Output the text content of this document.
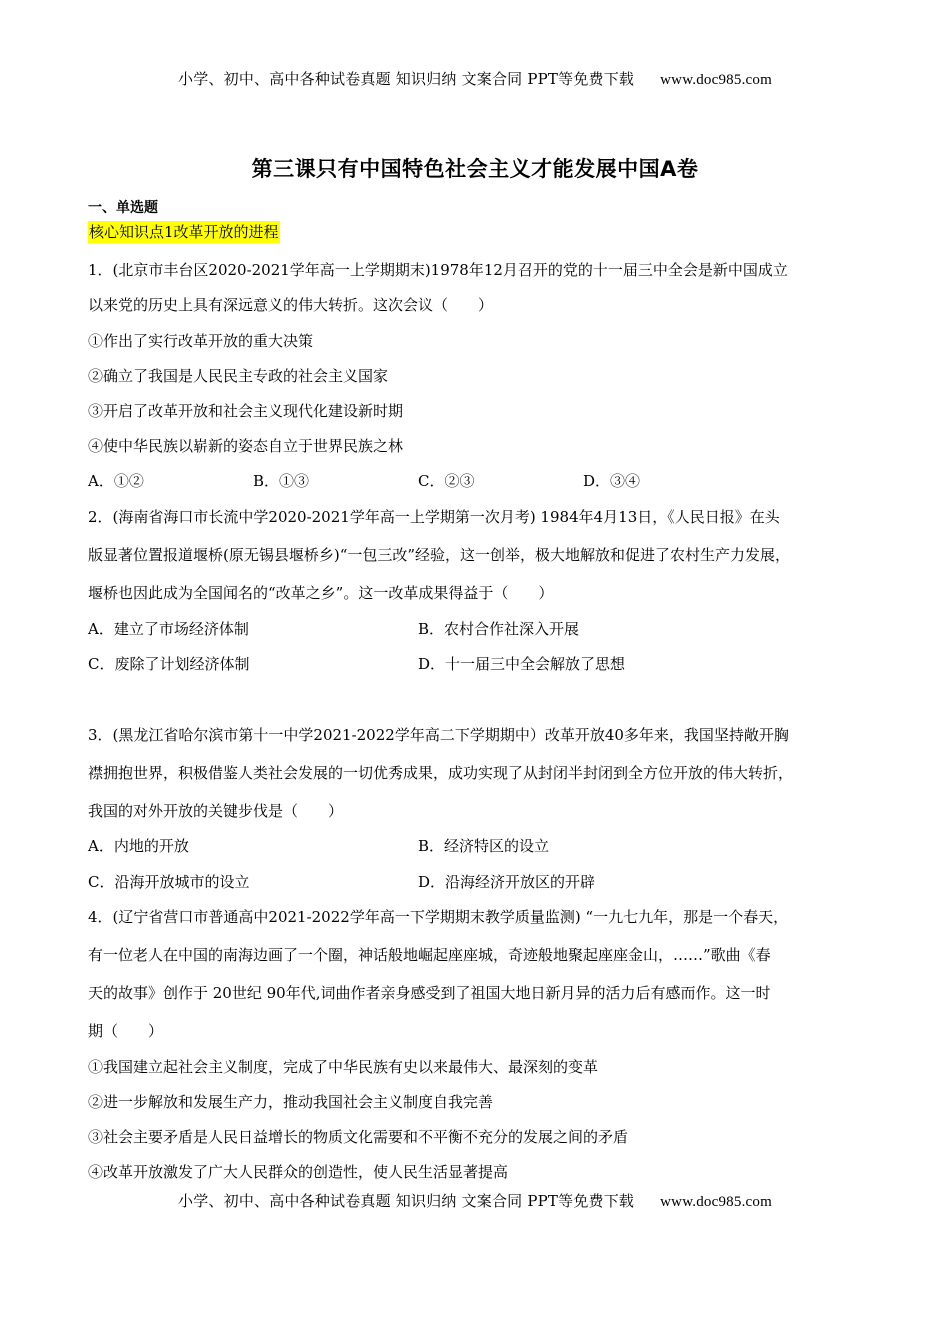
小学、初中、高中各种试卷真题 知识归纳 文案合同 PPT等免费下载 www.doc985.com
第三课只有中国特色社会主义才能发展中国A卷
一、单选题
核心知识点1改革开放的进程
1．(北京市丰台区2020-2021学年高一上学期期末)1978年12月召开的党的十一届三中全会是新中国成立
以来党的历史上具有深远意义的伟大转折。这次会议（　　）
①作出了实行改革开放的重大决策
②确立了我国是人民民主专政的社会主义国家
③开启了改革开放和社会主义现代化建设新时期
④使中华民族以崭新的姿态自立于世界民族之林
A．①②	B．①③	C．②③	D．③④
2．(海南省海口市长流中学2020-2021学年高一上学期第一次月考) 1984年4月13日，《人民日报》在头
版显著位置报道堰桥(原无锡县堰桥乡)“一包三改”经验，这一创举，极大地解放和促进了农村生产力发展，
堰桥也因此成为全国闻名的“改革之乡”。这一改革成果得益于（　　）
A．建立了市场经济体制	B．农村合作社深入开展
C．废除了计划经济体制	D．十一届三中全会解放了思想
3．(黑龙江省哈尔滨市第十一中学2021-2022学年高二下学期期中）改革开放40多年来，我国坚持敞开胸
襟拥抱世界，积极借鉴人类社会发展的一切优秀成果，成功实现了从封闭半封闭到全方位开放的伟大转折，
我国的对外开放的关键步伐是（　　）
A．内地的开放	B．经济特区的设立
C．沿海开放城市的设立	D．沿海经济开放区的开辟
4．(辽宁省营口市普通高中2021-2022学年高一下学期期末教学质量监测) “一九七九年，那是一个春天，
有一位老人在中国的南海边画了一个圈，神话般地崛起座座城，奇迹般地聚起座座金山，……”歌曲《春
天的故事》创作于 20世纪 90年代,词曲作者亲身感受到了祖国大地日新月异的活力后有感而作。这一时
期（　　）
①我国建立起社会主义制度，完成了中华民族有史以来最伟大、最深刻的变革
②进一步解放和发展生产力，推动我国社会主义制度自我完善
③社会主要矛盾是人民日益增长的物质文化需要和不平衡不充分的发展之间的矛盾
④改革开放激发了广大人民群众的创造性，使人民生活显著提高
小学、初中、高中各种试卷真题 知识归纳 文案合同 PPT等免费下载 www.doc985.com
